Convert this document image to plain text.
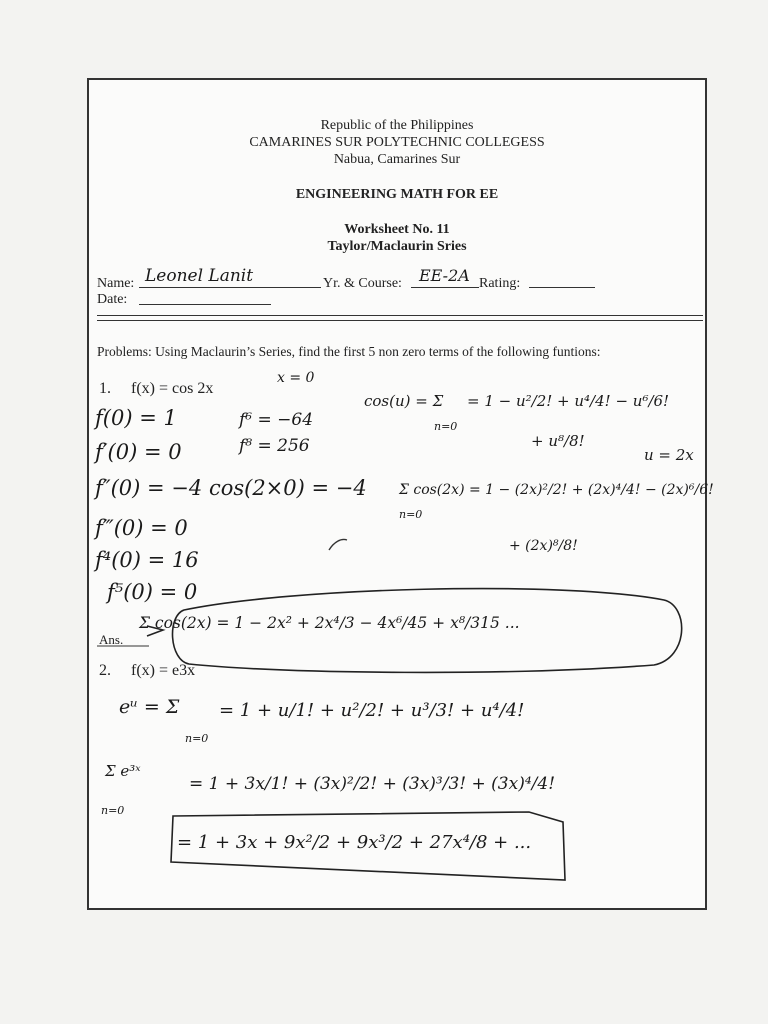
Republic of the Philippines
CAMARINES SUR POLYTECHNIC COLLEGESS
Nabua, Camarines Sur
ENGINEERING MATH FOR EE
Worksheet No. 11
Taylor/Maclaurin Sries
Name: Leonel Lanit	Yr. & Course: EE-2A Rating:
Date:
Problems: Using Maclaurin’s Series, find the first 5 non zero terms of the following funtions:
1. f(x) = cos 2x
x = 0
f(0) = 1
f′(0) = 0
f″(0) = −4 cos(2×0) = −4
f‴(0) = 0
f⁴(0) = 16
f⁵(0) = 0
f⁶ = −64
f⁸ = 256
cos(u) = Σ
n=0
= 1 − u²/2! + u⁴/4! − u⁶/6!
+ u⁸/8!
u = 2x
Σ cos(2x) = 1 − (2x)²/2! + (2x)⁴/4! − (2x)⁶/6!
n=0
+ (2x)⁸/8!
Ans.
Σ cos(2x) = 1 − 2x² + 2x⁴/3 − 4x⁶/45 + x⁸/315 ...
2. f(x) = e3x
eᵘ = Σ
n=0
= 1 + u/1! + u²/2! + u³/3! + u⁴/4!
Σ e³ˣ
n=0
= 1 + 3x/1! + (3x)²/2! + (3x)³/3! + (3x)⁴/4!
= 1 + 3x + 9x²/2 + 9x³/2 + 27x⁴/8 + ...
